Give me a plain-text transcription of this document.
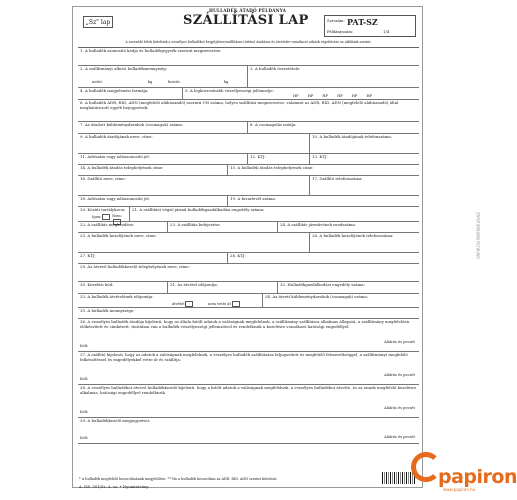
HULLADÉK ÁTADÓ PÉLDÁNYA
„Sz" lap	SZÁLLÍTÁSI LAP	Sorszám: PAT-SZ
Példányszám:	1/4
A szerződő felek kötelezik a veszélyes hulladékot begyűjtésre/szállításra történő átadásra és átvételre vonatkozó adatok rögzítésére az alábbiak szerint.
1. A hulladék azonosító kódja és hulladékjegyzék szerinti megnevezése:
2. A szállítmányt alkotó hulladékmennyiség:
nettó:	kg	bruttó:	kg
3. A hulladék összetétele:
4. A hulladék megjelenési formája:	5. A legkorrosívabb veszélyességi jellemzője:
HP HP HP HP HP HP
6. A hulladék ADR, RID, ADN (megfelelő aláhúzandó) szerinti UN száma, helyes szállítási megnevezése, valamint az ADR, RID, ADN (megfelelő aláhúzandó) által meghatározott egyéb bejegyzések:
7. Az átadott küldeménydarabok (csomagok) száma:	8. A csomagolás módja:
9. A hulladék átadójának neve, címe:	10. A hulladék átadójának telefonszáma:
11. Adószám vagy adóazonosító jel:	12. KTJ:	13. KTJ:
14. A hulladék átadás telephelyének címe:	15. A hulladék átadás telephelyének címe:
16. Szállító neve, címe:	17. Szállító telefonszáma:
18. Adószám vagy adóazonosító jel:	19. A fuvarlevél száma:
20. Közúti tartálykocsi:
Igen:	Nem:
21. A szállítást végző jármű hulladékgazdálkodási engedély száma:
22. A szállítás megkezdése:	23. A szállítás befejezése:	24. A szállítás járművének rendszáma:
25. A hulladék kezelőjének neve, címe:	26. A hulladék kezelőjének telefonszáma:
27. KTJ:	28. KTJ:
29. Az átvevő hulladékkezelő telephelyének neve, címe:
30. Kezelési kód:	31. Az átvétel időpontja:	32. Hulladékgazdálkodási engedély száma:
33. A hulladék átvételének időpontja:
átvétel	nem vette át
34. Az átvett küldeménydarabok (csomagok) száma:
35. A hulladék mennyisége:
36. A veszélyes hulladék átadója kijelenti, hogy az általa kitölt adatok a valóságnak megfelelnek, a szállítmány szállításra alkalmas állapotú, a szállítmány megfelelően előkészített és címkézett, tisztában van a hulladék veszélyességi jellemzőivel és rendelkezik a kezelésre vonatkozó hatósági engedéllyel.
Kelt:
Aláírás és pecsét
37. A szállító kijelenti, hogy az adatok a valóságnak megfelelnek, a veszélyes hulladék szállítására feljogosított és megfelelő felszereltséggel, a szállítmányt megfelelő felkészítéssel és engedélyekkel vette át és szállítja.
Kelt:
Aláírás és pecsét
38. A veszélyes hulladékot átvevő hulladékkezelő kijelenti, hogy a kitölt adatok a valóságnak megfelelnek, a veszélyes hulladékot átvette, és az ennek megfelelő kezelésre alkalmas, hatósági engedéllyel rendelkezik.
Kelt:
Aláírás és pecsét
39. A hulladékkezelő megjegyzései:
Kelt:	Aláírás és pecsét
* A hulladék megfelelő besorolásának megjelölése. ** Ha a hulladék besorolása az ADR, RID, ADN szerint kötelező.
A. DE. 501/Sz. A. sz. • Nyomtatvány
PAPIRON PAPÍRÁRUHÁZ
papiron
www.papiron.hu
